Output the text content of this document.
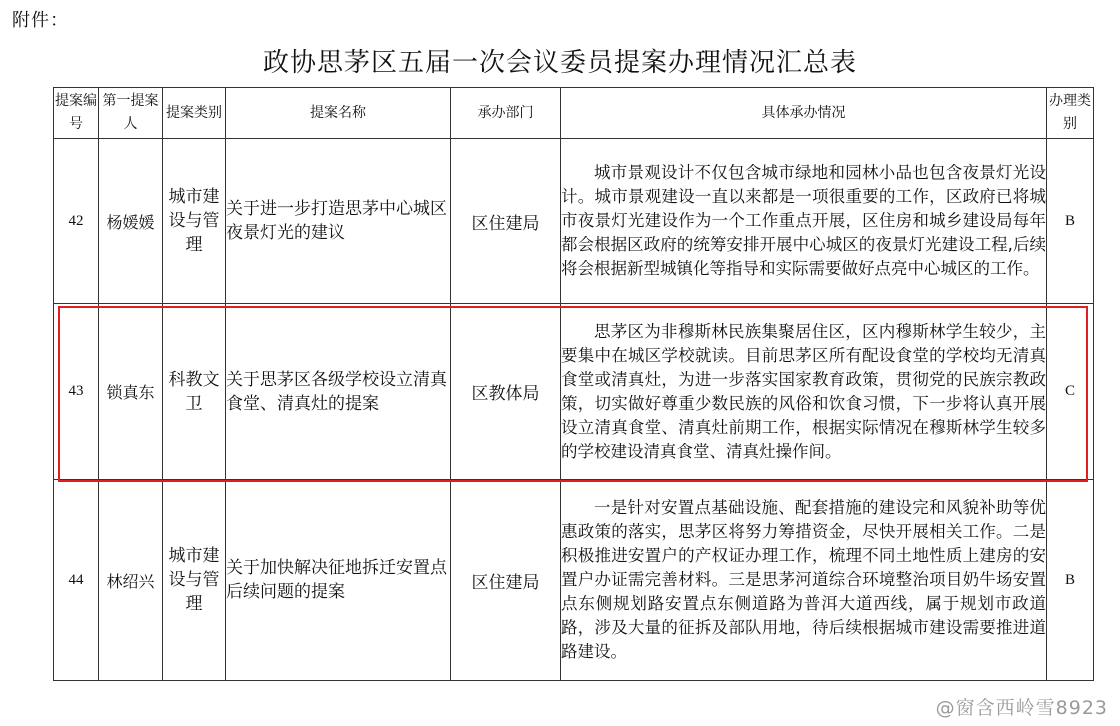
附件：
政协思茅区五届一次会议委员提案办理情况汇总表
提案编号	第一提案人	提案类别	提案名称	承办部门	具体承办情况	办理类别
42	杨媛媛	城市建设与管理	关于进一步打造思茅中心城区夜景灯光的建议	区住建局	城市景观设计不仅包含城市绿地和园林小品也包含夜景灯光设计。城市景观建设一直以来都是一项很重要的工作，区政府已将城市夜景灯光建设作为一个工作重点开展，区住房和城乡建设局每年都会根据区政府的统筹安排开展中心城区的夜景灯光建设工程,后续将会根据新型城镇化等指导和实际需要做好点亮中心城区的工作。	B
43	锁真东	科教文卫	关于思茅区各级学校设立清真食堂、清真灶的提案	区教体局	思茅区为非穆斯林民族集聚居住区，区内穆斯林学生较少，主要集中在城区学校就读。目前思茅区所有配设食堂的学校均无清真食堂或清真灶，为进一步落实国家教育政策，贯彻党的民族宗教政策，切实做好尊重少数民族的风俗和饮食习惯，下一步将认真开展设立清真食堂、清真灶前期工作，根据实际情况在穆斯林学生较多的学校建设清真食堂、清真灶操作间。	C
44	林绍兴	城市建设与管理	关于加快解决征地拆迁安置点后续问题的提案	区住建局	一是针对安置点基础设施、配套措施的建设完和风貌补助等优惠政策的落实，思茅区将努力筹措资金，尽快开展相关工作。二是积极推进安置户的产权证办理工作，梳理不同土地性质上建房的安置户办证需完善材料。三是思茅河道综合环境整治项目奶牛场安置点东侧规划路安置点东侧道路为普洱大道西线，属于规划市政道路，涉及大量的征拆及部队用地，待后续根据城市建设需要推进道路建设。	B
@窗含西岭雪8923
